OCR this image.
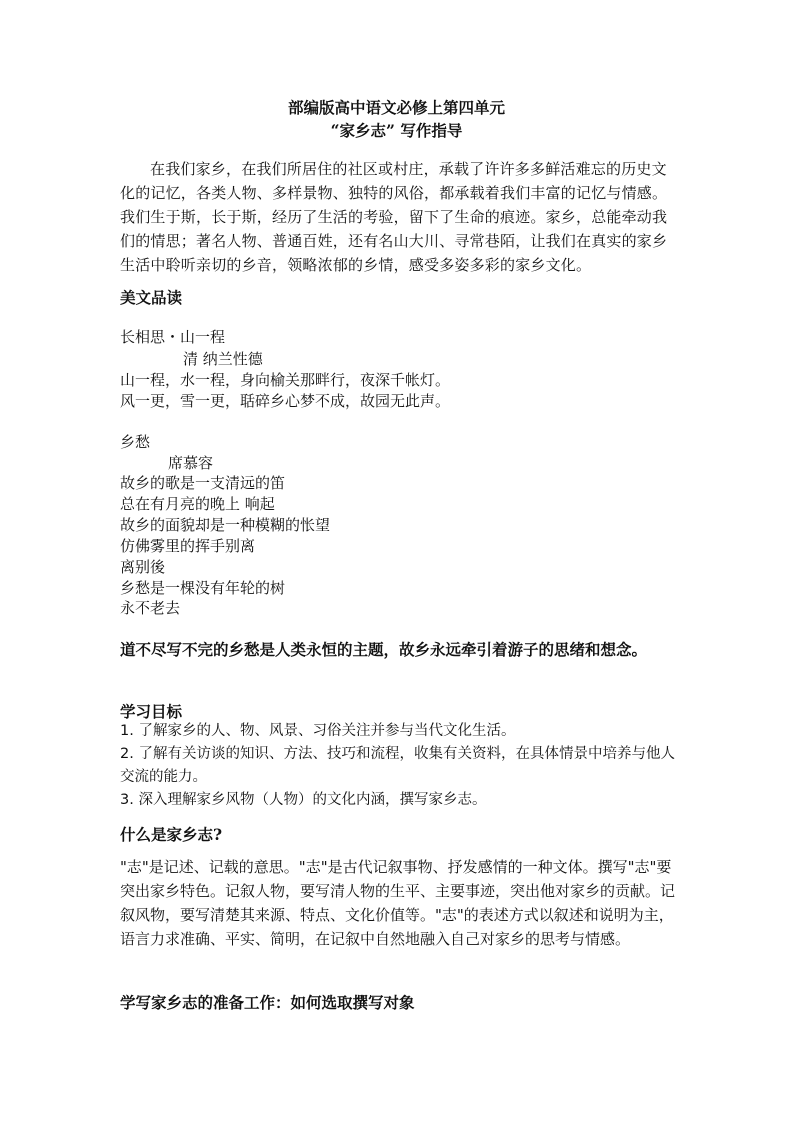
部编版高中语文必修上第四单元
“家乡志” 写作指导

在我们家乡，在我们所居住的社区或村庄，承载了许许多多鲜活难忘的历史文化的记忆，各类人物、多样景物、独特的风俗，都承载着我们丰富的记忆与情感。我们生于斯，长于斯，经历了生活的考验，留下了生命的痕迹。家乡，总能牵动我们的情思；著名人物、普通百姓，还有名山大川、寻常巷陌，让我们在真实的家乡生活中聆听亲切的乡音，领略浓郁的乡情，感受多姿多彩的家乡文化。

美文品读
长相思・山一程
清 纳兰性德
山一程，水一程，身向榆关那畔行，夜深千帐灯。
风一更，雪一更，聒碎乡心梦不成，故园无此声。
乡愁
席慕容
故乡的歌是一支清远的笛
总在有月亮的晚上 响起
故乡的面貌却是一种模糊的怅望
仿佛雾里的挥手别离
离别後
乡愁是一棵没有年轮的树
永不老去
道不尽写不完的乡愁是人类永恒的主题，故乡永远牵引着游子的思绪和想念。
学习目标
1. 了解家乡的人、物、风景、习俗关注并参与当代文化生活。
2. 了解有关访谈的知识、方法、技巧和流程，收集有关资料，在具体情景中培养与他人交流的能力。
3. 深入理解家乡风物（人物）的文化内涵，撰写家乡志。
什么是家乡志?

"志"是记述、记载的意思。"志"是古代记叙事物、抒发感情的一种文体。撰写"志"要突出家乡特色。记叙人物，要写清人物的生平、主要事迹，突出他对家乡的贡献。记叙风物，要写清楚其来源、特点、文化价值等。"志"的表述方式以叙述和说明为主，语言力求准确、平实、简明，在记叙中自然地融入自己对家乡的思考与情感。

学写家乡志的准备工作：如何选取撰写对象
